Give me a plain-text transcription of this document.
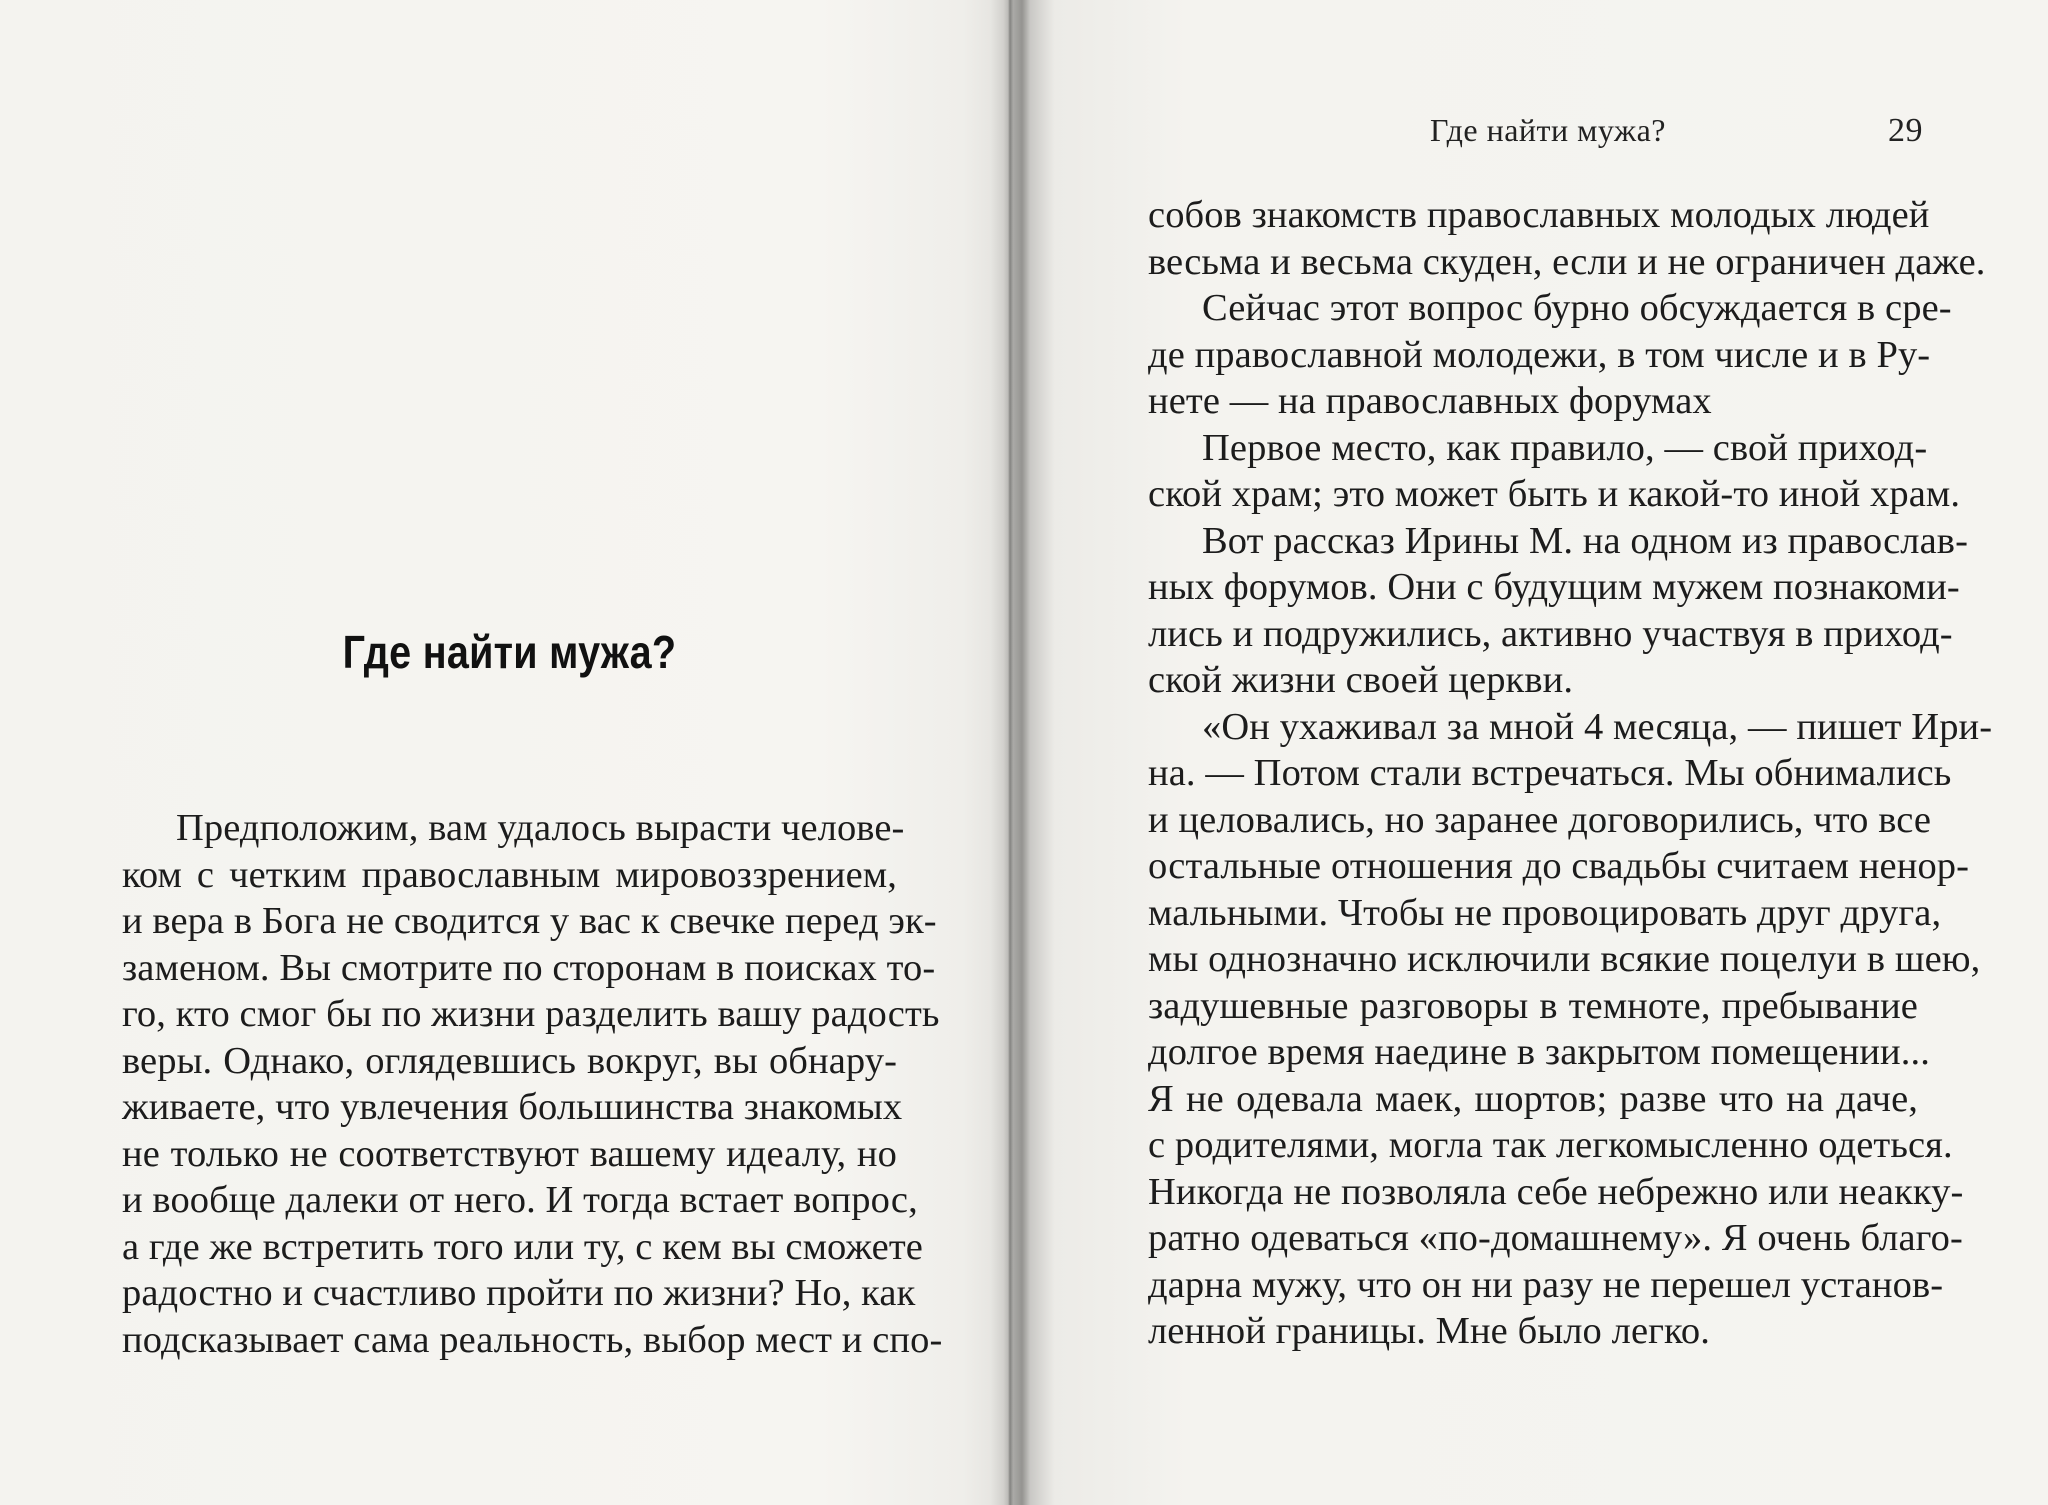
Где найти мужа?
Предположим, вам удалось вырасти челове-
ком с четким православным мировоззрением,
и вера в Бога не сводится у вас к свечке перед эк-
заменом. Вы смотрите по сторонам в поисках то-
го, кто смог бы по жизни разделить вашу радость
веры. Однако, оглядевшись вокруг, вы обнару-
живаете, что увлечения большинства знакомых
не только не соответствуют вашему идеалу, но
и вообще далеки от него. И тогда встает вопрос,
а где же встретить того или ту, с кем вы сможете
радостно и счастливо пройти по жизни? Но, как
подсказывает сама реальность, выбор мест и спо-
Где найти мужа?	29
собов знакомств православных молодых людей
весьма и весьма скуден, если и не ограничен даже.
Сейчас этот вопрос бурно обсуждается в сре-
де православной молодежи, в том числе и в Ру-
нете — на православных форумах
Первое место, как правило, — свой приход-
ской храм; это может быть и какой-то иной храм.
Вот рассказ Ирины М. на одном из православ-
ных форумов. Они с будущим мужем познакоми-
лись и подружились, активно участвуя в приход-
ской жизни своей церкви.
«Он ухаживал за мной 4 месяца, — пишет Ири-
на. — Потом стали встречаться. Мы обнимались
и целовались, но заранее договорились, что все
остальные отношения до свадьбы считаем ненор-
мальными. Чтобы не провоцировать друг друга,
мы однозначно исключили всякие поцелуи в шею,
задушевные разговоры в темноте, пребывание
долгое время наедине в закрытом помещении...
Я не одевала маек, шортов; разве что на даче,
с родителями, могла так легкомысленно одеться.
Никогда не позволяла себе небрежно или неакку-
ратно одеваться «по-домашнему». Я очень благо-
дарна мужу, что он ни разу не перешел установ-
ленной границы. Мне было легко.
